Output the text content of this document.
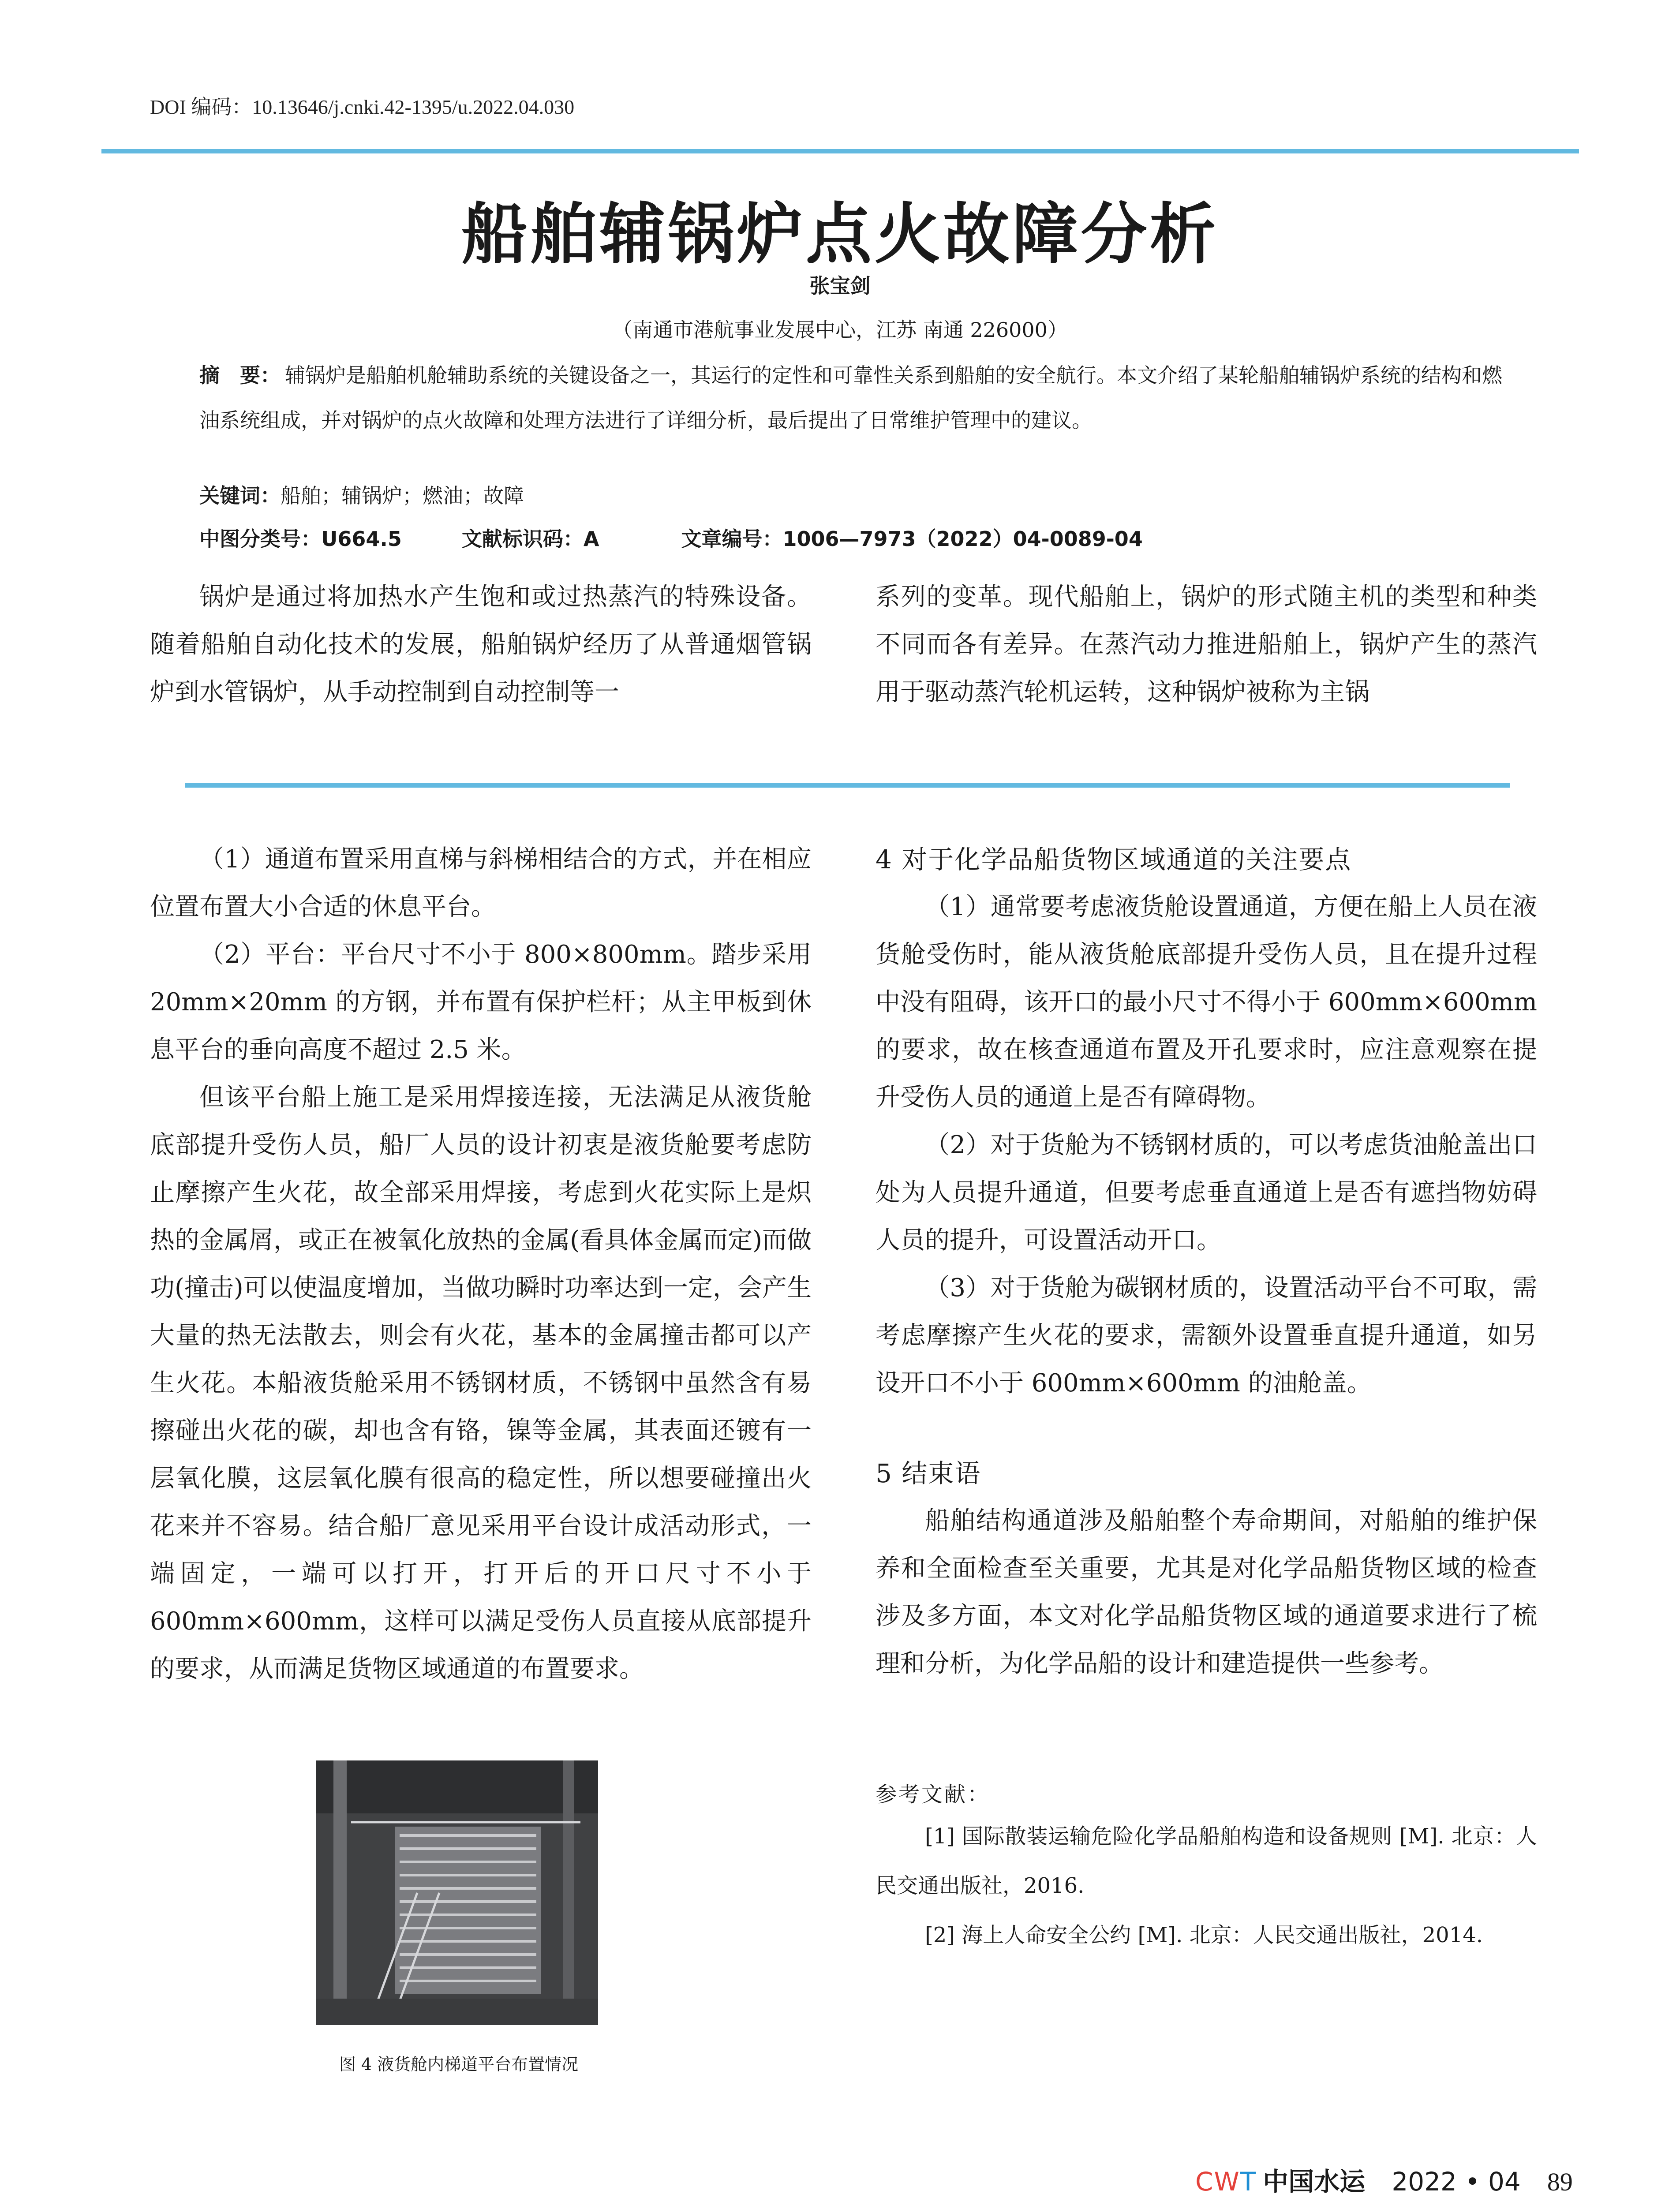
DOI 编码：10.13646/j.cnki.42-1395/u.2022.04.030
船舶辅锅炉点火故障分析
张宝剑
（南通市港航事业发展中心，江苏 南通 226000）
摘　要： 辅锅炉是船舶机舱辅助系统的关键设备之一，其运行的定性和可靠性关系到船舶的安全航行。本文介绍了某轮船舶辅锅炉系统的结构和燃油系统组成，并对锅炉的点火故障和处理方法进行了详细分析，最后提出了日常维护管理中的建议。
关键词：船舶；辅锅炉；燃油；故障
中图分类号：U664.5	文献标识码：A	文章编号：1006—7973（2022）04-0089-04

锅炉是通过将加热水产生饱和或过热蒸汽的特殊设备。随着船舶自动化技术的发展，船舶锅炉经历了从普通烟管锅炉到水管锅炉，从手动控制到自动控制等一

系列的变革。现代船舶上，锅炉的形式随主机的类型和种类不同而各有差异。在蒸汽动力推进船舶上，锅炉产生的蒸汽用于驱动蒸汽轮机运转，这种锅炉被称为主锅

（1）通道布置采用直梯与斜梯相结合的方式，并在相应位置布置大小合适的休息平台。

（2）平台：平台尺寸不小于 800×800mm。踏步采用 20mm×20mm 的方钢，并布置有保护栏杆；从主甲板到休息平台的垂向高度不超过 2.5 米。

但该平台船上施工是采用焊接连接，无法满足从液货舱底部提升受伤人员，船厂人员的设计初衷是液货舱要考虑防止摩擦产生火花，故全部采用焊接，考虑到火花实际上是炽热的金属屑，或正在被氧化放热的金属(看具体金属而定)而做功(撞击)可以使温度增加，当做功瞬时功率达到一定，会产生大量的热无法散去，则会有火花，基本的金属撞击都可以产生火花。本船液货舱采用不锈钢材质，不锈钢中虽然含有易擦碰出火花的碳，却也含有铬，镍等金属，其表面还镀有一层氧化膜，这层氧化膜有很高的稳定性，所以想要碰撞出火花来并不容易。结合船厂意见采用平台设计成活动形式，一端固定，一端可以打开，打开后的开口尺寸不小于 600mm×600mm，这样可以满足受伤人员直接从底部提升的要求，从而满足货物区域通道的布置要求。

图 4 液货舱内梯道平台布置情况

4 对于化学品船货物区域通道的关注要点

（1）通常要考虑液货舱设置通道，方便在船上人员在液货舱受伤时，能从液货舱底部提升受伤人员，且在提升过程中没有阻碍，该开口的最小尺寸不得小于 600mm×600mm 的要求，故在核查通道布置及开孔要求时，应注意观察在提升受伤人员的通道上是否有障碍物。

（2）对于货舱为不锈钢材质的，可以考虑货油舱盖出口处为人员提升通道，但要考虑垂直通道上是否有遮挡物妨碍人员的提升，可设置活动开口。

（3）对于货舱为碳钢材质的，设置活动平台不可取，需考虑摩擦产生火花的要求，需额外设置垂直提升通道，如另设开口不小于 600mm×600mm 的油舱盖。

5 结束语

船舶结构通道涉及船舶整个寿命期间，对船舶的维护保养和全面检查至关重要，尤其是对化学品船货物区域的检查涉及多方面，本文对化学品船货物区域的通道要求进行了梳理和分析，为化学品船的设计和建造提供一些参考。

参考文献：

[1] 国际散装运输危险化学品船舶构造和设备规则 [M]. 北京：人民交通出版社，2016.

[2] 海上人命安全公约 [M]. 北京：人民交通出版社，2014.

CWT 中国水运 2022 • 04 89
